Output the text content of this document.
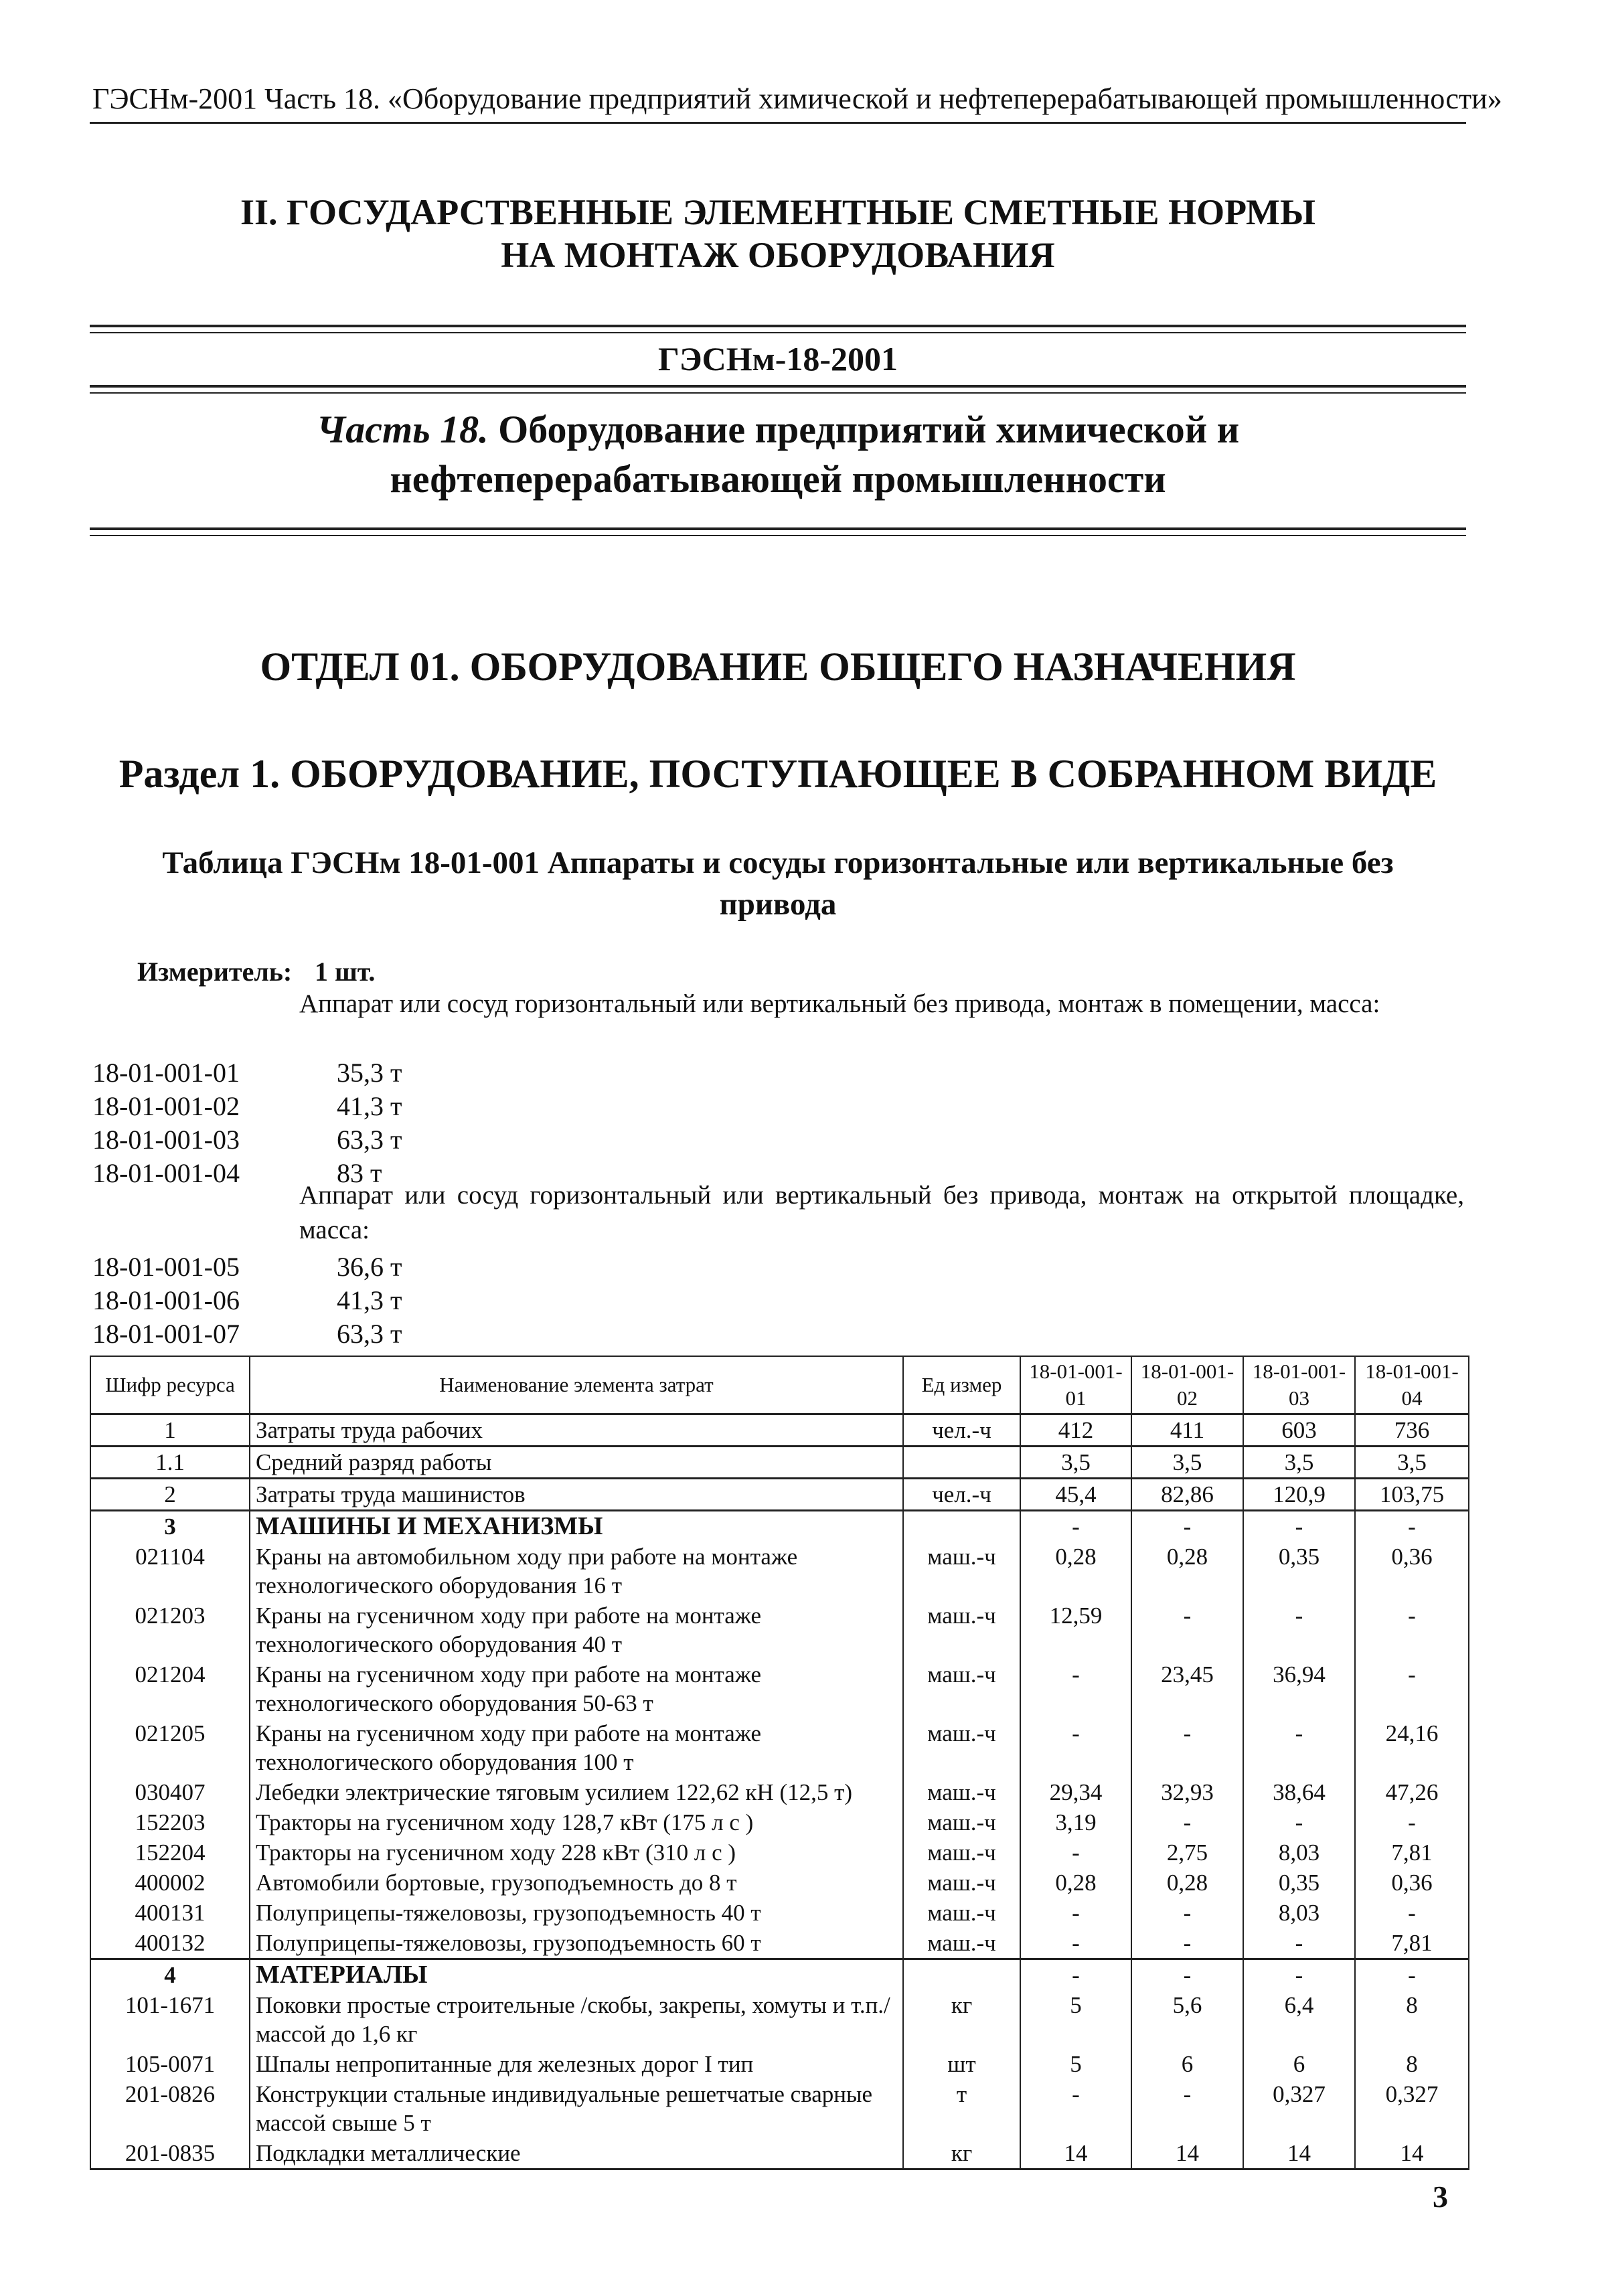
ГЭСНм-2001 Часть 18. «Оборудование предприятий химической и нефтеперерабатывающей промышленности»
II. ГОСУДАРСТВЕННЫЕ ЭЛЕМЕНТНЫЕ СМЕТНЫЕ НОРМЫ
НА МОНТАЖ ОБОРУДОВАНИЯ
ГЭСНм-18-2001
Часть 18. Оборудование предприятий химической и
нефтеперерабатывающей промышленности
ОТДЕЛ 01. ОБОРУДОВАНИЕ ОБЩЕГО НАЗНАЧЕНИЯ
Раздел 1. ОБОРУДОВАНИЕ, ПОСТУПАЮЩЕЕ В СОБРАННОМ ВИДЕ
Таблица ГЭСНм 18-01-001 Аппараты и сосуды горизонтальные или вертикальные без
привода
Измеритель: 1 шт.
Аппарат или сосуд горизонтальный или вертикальный без привода, монтаж в помещении, масса:
18-01-001-01	35,3 т
18-01-001-02	41,3 т
18-01-001-03	63,3 т
18-01-001-04	83 т
Аппарат или сосуд горизонтальный или вертикальный без привода, монтаж на открытой площадке, масса:
18-01-001-05	36,6 т
18-01-001-06	41,3 т
18-01-001-07	63,3 т
Шифр ресурса	Наименование элемента затрат	Ед измер	18-01-001-01	18-01-001-02	18-01-001-03	18-01-001-04
1	Затраты труда рабочих	чел.-ч	412	411	603	736
1.1	Средний разряд работы		3,5	3,5	3,5	3,5
2	Затраты труда машинистов	чел.-ч	45,4	82,86	120,9	103,75
3	МАШИНЫ И МЕХАНИЗМЫ		-	-	-	-
021104	Краны на автомобильном ходу при работе на монтаже технологического оборудования 16 т	маш.-ч	0,28	0,28	0,35	0,36
021203	Краны на гусеничном ходу при работе на монтаже технологического оборудования 40 т	маш.-ч	12,59	-	-	-
021204	Краны на гусеничном ходу при работе на монтаже технологического оборудования 50-63 т	маш.-ч	-	23,45	36,94	-
021205	Краны на гусеничном ходу при работе на монтаже технологического оборудования 100 т	маш.-ч	-	-	-	24,16
030407	Лебедки электрические тяговым усилием 122,62 кН (12,5 т)	маш.-ч	29,34	32,93	38,64	47,26
152203	Тракторы на гусеничном ходу 128,7 кВт (175 л с )	маш.-ч	3,19	-	-	-
152204	Тракторы на гусеничном ходу 228 кВт (310 л с )	маш.-ч	-	2,75	8,03	7,81
400002	Автомобили бортовые, грузоподъемность до 8 т	маш.-ч	0,28	0,28	0,35	0,36
400131	Полуприцепы-тяжеловозы, грузоподъемность 40 т	маш.-ч	-	-	8,03	-
400132	Полуприцепы-тяжеловозы, грузоподъемность 60 т	маш.-ч	-	-	-	7,81
4	МАТЕРИАЛЫ		-	-	-	-
101-1671	Поковки простые строительные /скобы, закрепы, хомуты и т.п./ массой до 1,6 кг	кг	5	5,6	6,4	8
105-0071	Шпалы непропитанные для железных дорог I тип	шт	5	6	6	8
201-0826	Конструкции стальные индивидуальные решетчатые сварные массой свыше 5 т	т	-	-	0,327	0,327
201-0835	Подкладки металлические	кг	14	14	14	14
3
